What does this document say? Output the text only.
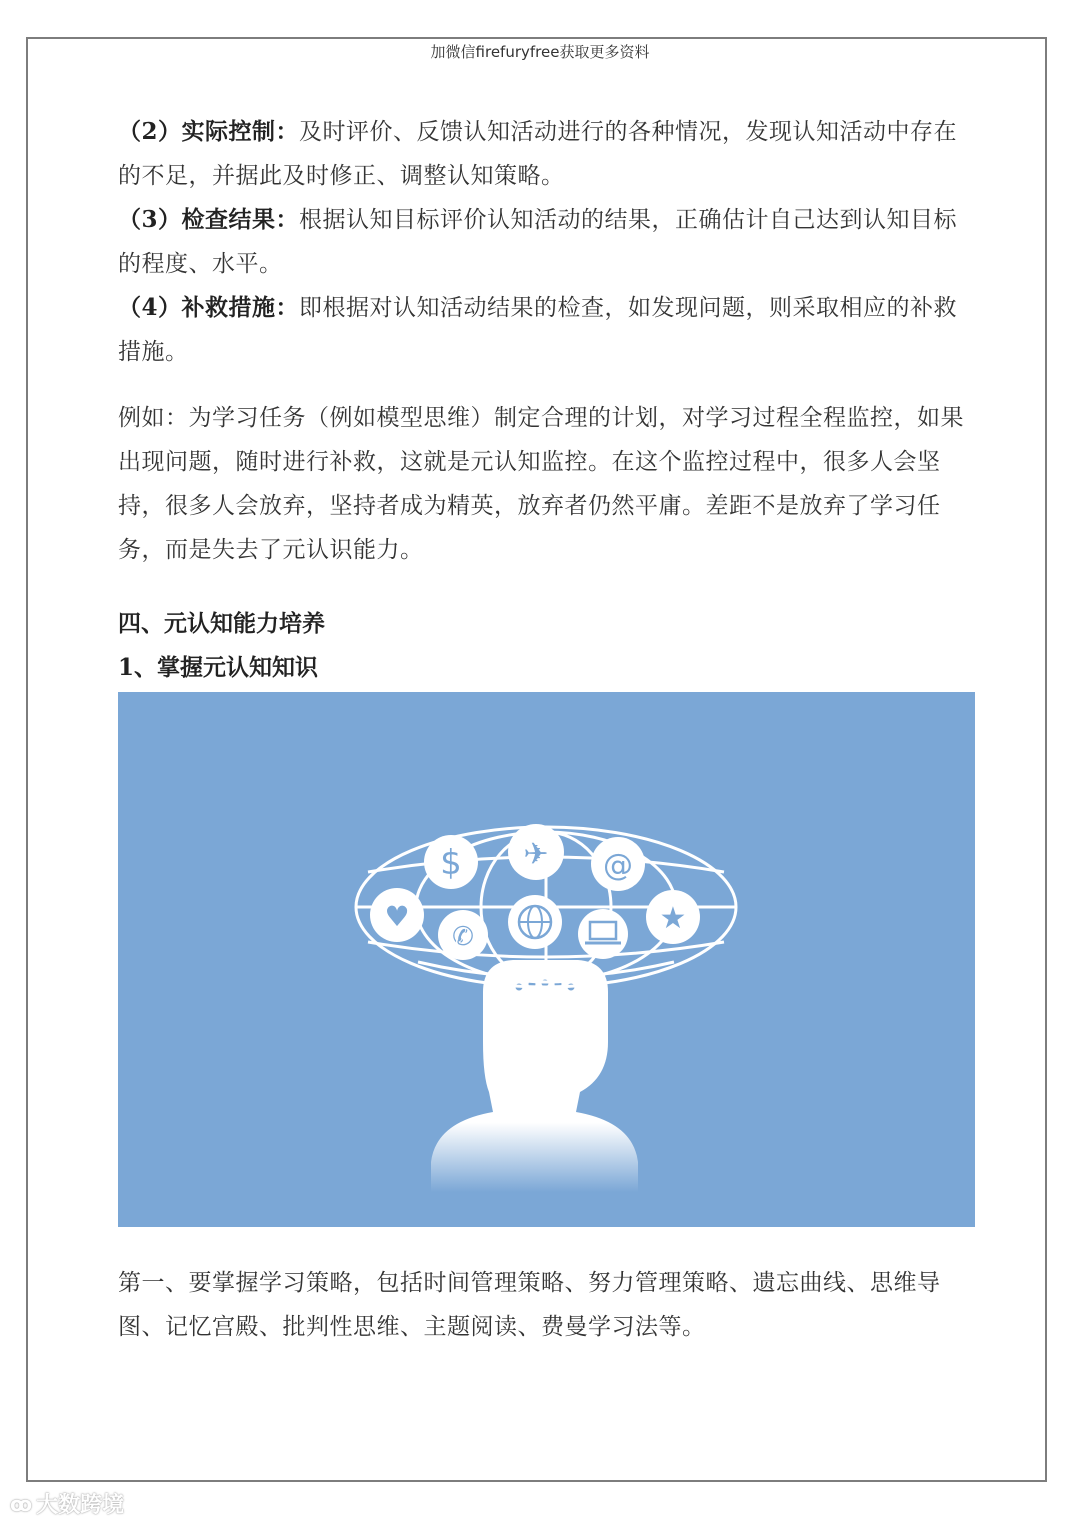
加微信firefuryfree获取更多资料

（2）实际控制：及时评价、反馈认知活动进行的各种情况，发现认知活动中存在的不足，并据此及时修正、调整认知策略。

（3）检查结果：根据认知目标评价认知活动的结果，正确估计自己达到认知目标的程度、水平。

（4）补救措施：即根据对认知活动结果的检查，如发现问题，则采取相应的补救措施。

例如：为学习任务（例如模型思维）制定合理的计划，对学习过程全程监控，如果出现问题，随时进行补救，这就是元认知监控。在这个监控过程中，很多人会坚持，很多人会放弃，坚持者成为精英，放弃者仍然平庸。差距不是放弃了学习任务，而是失去了元认识能力。

四、元认知能力培养

1、掌握元认知知识

$ ✈ @
♥
✆
★

第一、要掌握学习策略，包括时间管理策略、努力管理策略、遗忘曲线、思维导图、记忆宫殿、批判性思维、主题阅读、费曼学习法等。

ꝏ 大数跨境
